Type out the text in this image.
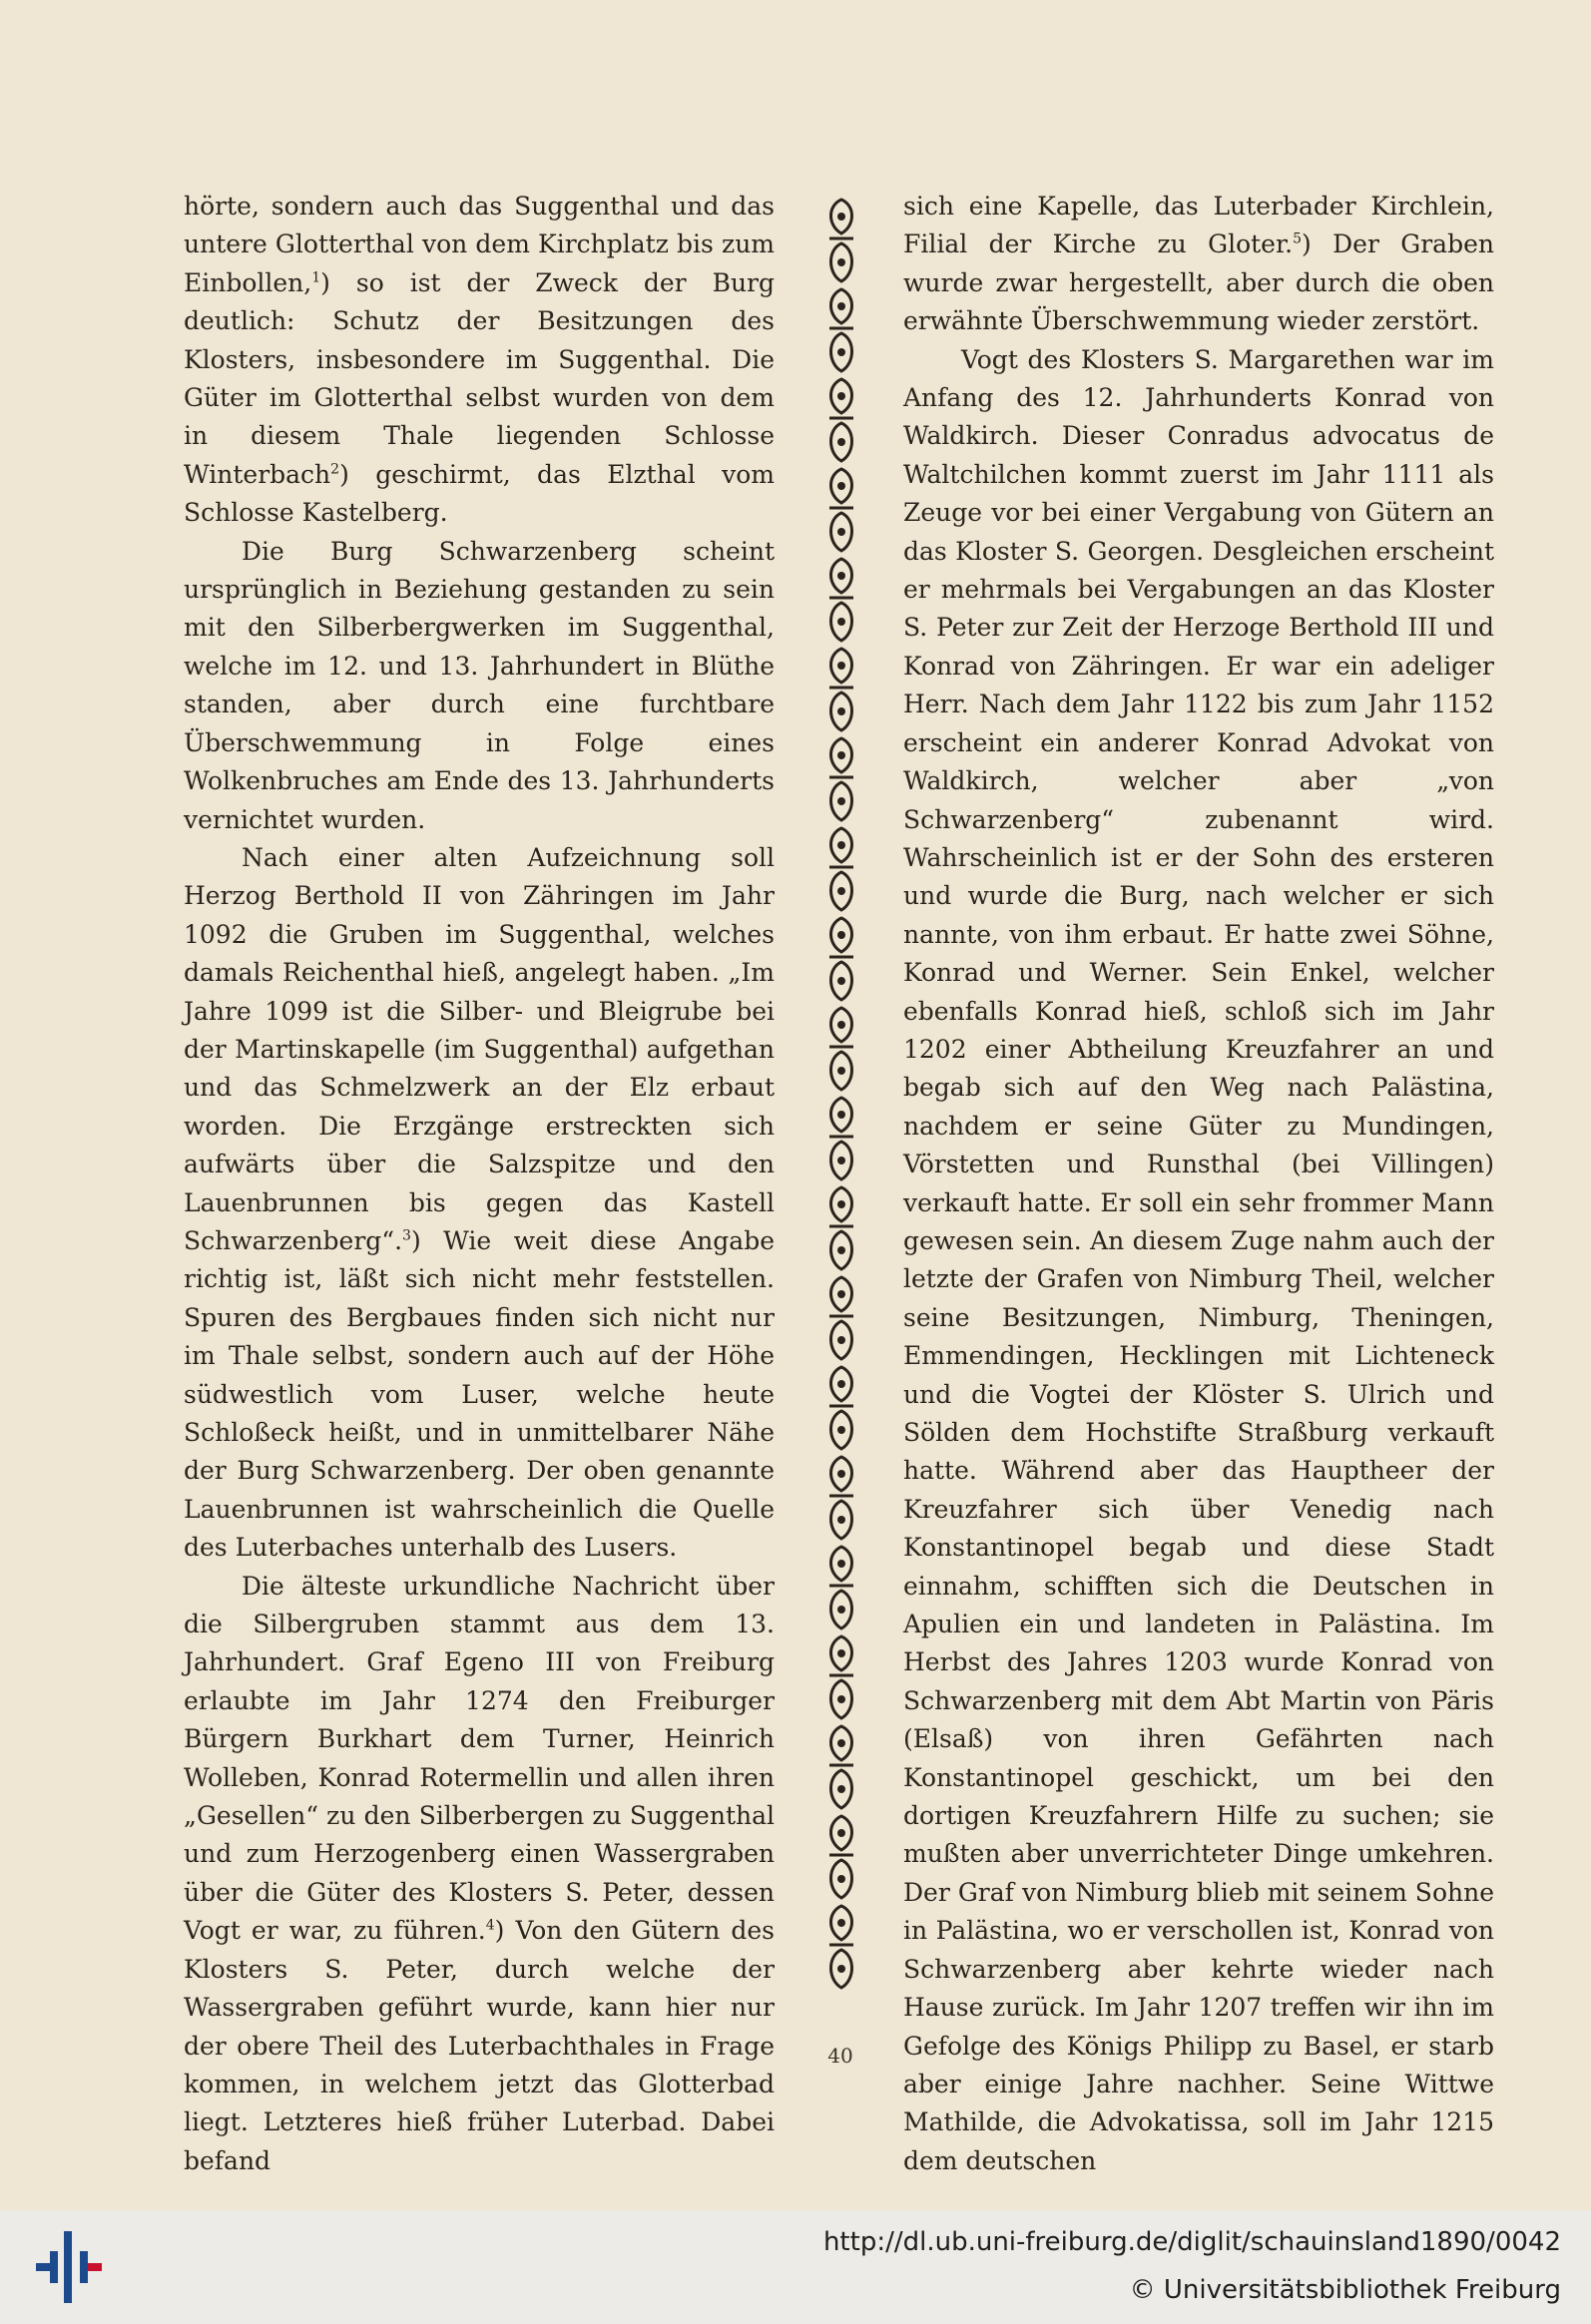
hörte, sondern auch das Suggenthal und das untere Glotterthal von dem Kirchplatz bis zum Einbollen,$^1$) so ist der Zweck der Burg deutlich: Schutz der Besitzungen des Klosters, insbesondere im Suggenthal. Die Güter im Glotterthal selbst wurden von dem in diesem Thale liegenden Schlosse Winterbach$^2$) geschirmt, das Elzthal vom Schlosse Kastelberg.

Die Burg Schwarzenberg scheint ursprünglich in Beziehung gestanden zu sein mit den Silberbergwerken im Suggenthal, welche im 12. und 13. Jahrhundert in Blüthe standen, aber durch eine furchtbare Überschwemmung in Folge eines Wolkenbruches am Ende des 13. Jahrhunderts vernichtet wurden.

Nach einer alten Aufzeichnung soll Herzog Berthold II von Zähringen im Jahr 1092 die Gruben im Suggenthal, welches damals Reichenthal hieß, angelegt haben. „Im Jahre 1099 ist die Silber- und Bleigrube bei der Martinskapelle (im Suggenthal) aufgethan und das Schmelzwerk an der Elz erbaut worden. Die Erzgänge erstreckten sich aufwärts über die Salzspitze und den Lauenbrunnen bis gegen das Kastell Schwarzenberg“.$^3$) Wie weit diese Angabe richtig ist, läßt sich nicht mehr feststellen. Spuren des Bergbaues finden sich nicht nur im Thale selbst, sondern auch auf der Höhe südwestlich vom Luser, welche heute Schloßeck heißt, und in unmittelbarer Nähe der Burg Schwarzenberg. Der oben genannte Lauenbrunnen ist wahrscheinlich die Quelle des Luterbaches unterhalb des Lusers.

Die älteste urkundliche Nachricht über die Silbergruben stammt aus dem 13. Jahrhundert. Graf Egeno III von Freiburg erlaubte im Jahr 1274 den Freiburger Bürgern Burkhart dem Turner, Heinrich Wolleben, Konrad Rotermellin und allen ihren „Gesellen“ zu den Silberbergen zu Suggenthal und zum Herzogenberg einen Wassergraben über die Güter des Klosters S. Peter, dessen Vogt er war, zu führen.$^4$) Von den Gütern des Klosters S. Peter, durch welche der Wassergraben geführt wurde, kann hier nur der obere Theil des Luterbachthales in Frage kommen, in welchem jetzt das Glotterbad liegt. Letzteres hieß früher Luterbad. Dabei befand

sich eine Kapelle, das Luterbader Kirchlein, Filial der Kirche zu Gloter.$^5$) Der Graben wurde zwar hergestellt, aber durch die oben erwähnte Überschwemmung wieder zerstört.

Vogt des Klosters S. Margarethen war im Anfang des 12. Jahrhunderts Konrad von Waldkirch. Dieser Conradus advocatus de Waltchilchen kommt zuerst im Jahr 1111 als Zeuge vor bei einer Vergabung von Gütern an das Kloster S. Georgen. Desgleichen erscheint er mehrmals bei Vergabungen an das Kloster S. Peter zur Zeit der Herzoge Berthold III und Konrad von Zähringen. Er war ein adeliger Herr. Nach dem Jahr 1122 bis zum Jahr 1152 erscheint ein anderer Konrad Advokat von Waldkirch, welcher aber „von Schwarzenberg“ zubenannt wird. Wahrscheinlich ist er der Sohn des ersteren und wurde die Burg, nach welcher er sich nannte, von ihm erbaut. Er hatte zwei Söhne, Konrad und Werner. Sein Enkel, welcher ebenfalls Konrad hieß, schloß sich im Jahr 1202 einer Abtheilung Kreuzfahrer an und begab sich auf den Weg nach Palästina, nachdem er seine Güter zu Mundingen, Vörstetten und Runsthal (bei Villingen) verkauft hatte. Er soll ein sehr frommer Mann gewesen sein. An diesem Zuge nahm auch der letzte der Grafen von Nimburg Theil, welcher seine Besitzungen, Nimburg, Theningen, Emmendingen, Hecklingen mit Lichteneck und die Vogtei der Klöster S. Ulrich und Sölden dem Hochstifte Straßburg verkauft hatte. Während aber das Hauptheer der Kreuzfahrer sich über Venedig nach Konstantinopel begab und diese Stadt einnahm, schifften sich die Deutschen in Apulien ein und landeten in Palästina. Im Herbst des Jahres 1203 wurde Konrad von Schwarzenberg mit dem Abt Martin von Päris (Elsaß) von ihren Gefährten nach Konstantinopel geschickt, um bei den dortigen Kreuzfahrern Hilfe zu suchen; sie mußten aber unverrichteter Dinge umkehren. Der Graf von Nimburg blieb mit seinem Sohne in Palästina, wo er verschollen ist, Konrad von Schwarzenberg aber kehrte wieder nach Hause zurück. Im Jahr 1207 treffen wir ihn im Gefolge des Königs Philipp zu Basel, er starb aber einige Jahre nachher. Seine Wittwe Mathilde, die Advokatissa, soll im Jahr 1215 dem deutschen

40
http://dl.ub.uni-freiburg.de/diglit/schauinsland1890/0042
© Universitätsbibliothek Freiburg
